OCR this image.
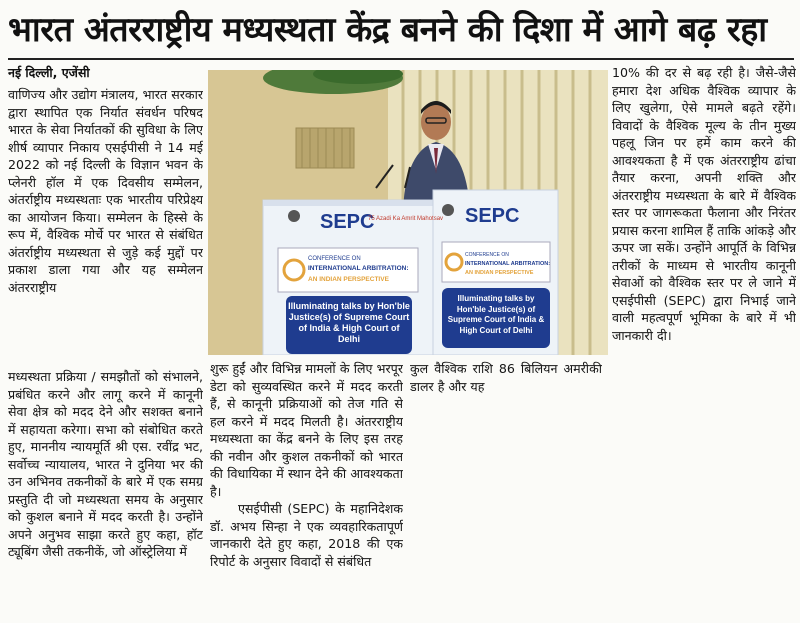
भारत अंतरराष्ट्रीय मध्यस्थता केंद्र बनने की दिशा में आगे बढ़ रहा
नई दिल्ली, एजेंसी

वाणिज्य और उद्योग मंत्रालय, भारत सरकार द्वारा स्थापित एक निर्यात संवर्धन परिषद भारत के सेवा निर्यातकों की सुविधा के लिए शीर्ष व्यापार निकाय एसईपीसी ने 14 मई 2022 को नई दिल्ली के विज्ञान भवन के प्लेनरी हॉल में एक दिवसीय सम्मेलन, अंतर्राष्ट्रीय मध्यस्थताः एक भारतीय परिप्रेक्ष्य का आयोजन किया। सम्मेलन के हिस्से के रूप में, वैश्विक मोर्चे पर भारत से संबंधित अंतर्राष्ट्रीय मध्यस्थता से जुड़े कई मुद्दों पर प्रकाश डाला गया और यह सम्मेलन अंतरराष्ट्रीय

SEPC	SEPC
75 Azadi Ka Amrit Mahotsav
CONFERENCE ON
INTERNATIONAL ARBITRATION:
AN INDIAN PERSPECTIVE
CONFERENCE ON
INTERNATIONAL ARBITRATION:
AN INDIAN PERSPECTIVE
Illuminating talks by Hon'ble Justice(s) of Supreme Court of India & High Court of Delhi
Illuminating talks by Hon'ble Justice(s) of Supreme Court of India & High Court of Delhi

मध्यस्थता प्रक्रिया / समझौतों को संभालने, प्रबंधित करने और लागू करने में कानूनी सेवा क्षेत्र को मदद देने और सशक्त बनाने में सहायता करेगा। सभा को संबोधित करते हुए, माननीय न्यायमूर्ति श्री एस. रवींद्र भट, सर्वोच्च न्यायालय, भारत ने दुनिया भर की उन अभिनव तकनीकों के बारे में एक समग्र प्रस्तुति दी जो मध्यस्थता समय के अनुसार को कुशल बनाने में मदद करती है। उन्होंने अपने अनुभव साझा करते हुए कहा, हॉट ट्यूबिंग जैसी तकनीकें, जो ऑस्ट्रेलिया में

शुरू हुईं और विभिन्न मामलों के लिए भरपूर डेटा को सुव्यवस्थित करने में मदद करती हैं, से कानूनी प्रक्रियाओं को तेज गति से हल करने में मदद मिलती है। अंतरराष्ट्रीय मध्यस्थता का केंद्र बनने के लिए इस तरह की नवीन और कुशल तकनीकों को भारत की विधायिका में स्थान देने की आवश्यकता है।

एसईपीसी (SEPC) के महानिदेशक डॉ. अभय सिन्हा ने एक व्यवहारिकतापूर्ण जानकारी देते हुए कहा, 2018 की एक रिपोर्ट के अनुसार विवादों से संबंधित

कुल वैश्विक राशि 86 बिलियन अमरीकी डालर है और यह

10% की दर से बढ़ रही है। जैसे-जैसे हमारा देश अधिक वैश्विक व्यापार के लिए खुलेगा, ऐसे मामले बढ़ते रहेंगे। विवादों के वैश्विक मूल्य के तीन मुख्य पहलू जिन पर हमें काम करने की आवश्यकता है में एक अंतरराष्ट्रीय ढांचा तैयार करना, अपनी शक्ति और अंतरराष्ट्रीय मध्यस्थता के बारे में वैश्विक स्तर पर जागरूकता फैलाना और निरंतर प्रयास करना शामिल हैं ताकि आंकड़े और ऊपर जा सकें। उन्होंने आपूर्ति के विभिन्न तरीकों के माध्यम से भारतीय कानूनी सेवाओं को वैश्विक स्तर पर ले जाने में एसईपीसी (SEPC) द्वारा निभाई जाने वाली महत्वपूर्ण भूमिका के बारे में भी जानकारी दी।
